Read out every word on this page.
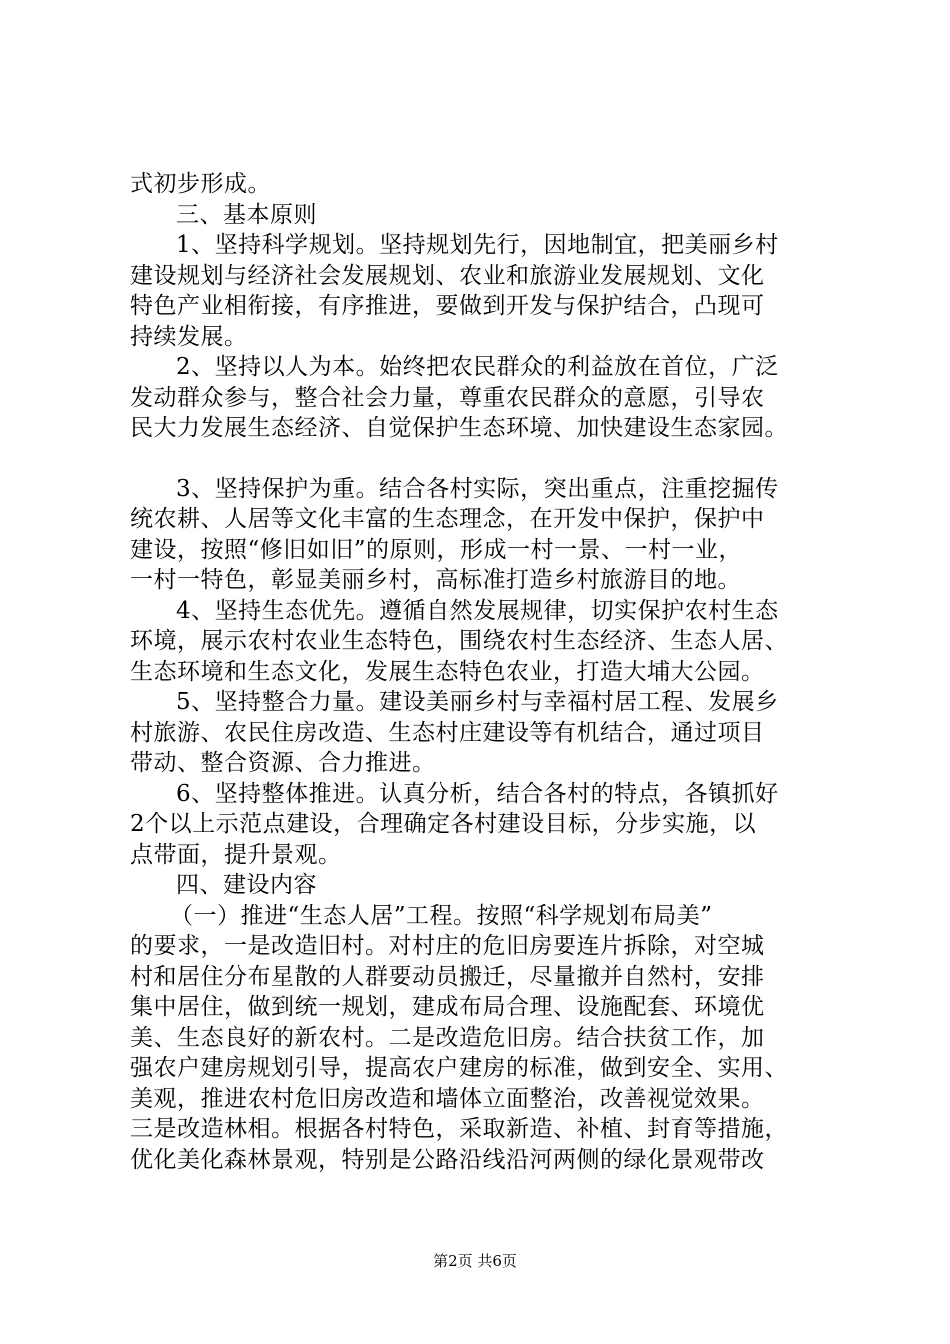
式初步形成。
三、基本原则
1、坚持科学规划。坚持规划先行，因地制宜，把美丽乡村
建设规划与经济社会发展规划、农业和旅游业发展规划、文化
特色产业相衔接，有序推进，要做到开发与保护结合，凸现可
持续发展。
2、坚持以人为本。始终把农民群众的利益放在首位，广泛
发动群众参与，整合社会力量，尊重农民群众的意愿，引导农
民大力发展生态经济、自觉保护生态环境、加快建设生态家园。
3、坚持保护为重。结合各村实际，突出重点，注重挖掘传
统农耕、人居等文化丰富的生态理念，在开发中保护，保护中
建设，按照“修旧如旧”的原则，形成一村一景、一村一业，
一村一特色，彰显美丽乡村，高标准打造乡村旅游目的地。
4、坚持生态优先。遵循自然发展规律，切实保护农村生态
环境，展示农村农业生态特色，围绕农村生态经济、生态人居、
生态环境和生态文化，发展生态特色农业，打造大埔大公园。
5、坚持整合力量。建设美丽乡村与幸福村居工程、发展乡
村旅游、农民住房改造、生态村庄建设等有机结合，通过项目
带动、整合资源、合力推进。
6、坚持整体推进。认真分析，结合各村的特点，各镇抓好
2个以上示范点建设，合理确定各村建设目标，分步实施，以
点带面，提升景观。
四、建设内容
（一）推进“生态人居”工程。按照“科学规划布局美”
的要求，一是改造旧村。对村庄的危旧房要连片拆除，对空城
村和居住分布星散的人群要动员搬迁，尽量撤并自然村，安排
集中居住，做到统一规划，建成布局合理、设施配套、环境优
美、生态良好的新农村。二是改造危旧房。结合扶贫工作，加
强农户建房规划引导，提高农户建房的标准，做到安全、实用、
美观，推进农村危旧房改造和墙体立面整治，改善视觉效果。
三是改造林相。根据各村特色，采取新造、补植、封育等措施，
优化美化森林景观，特别是公路沿线沿河两侧的绿化景观带改
第2页 共6页
